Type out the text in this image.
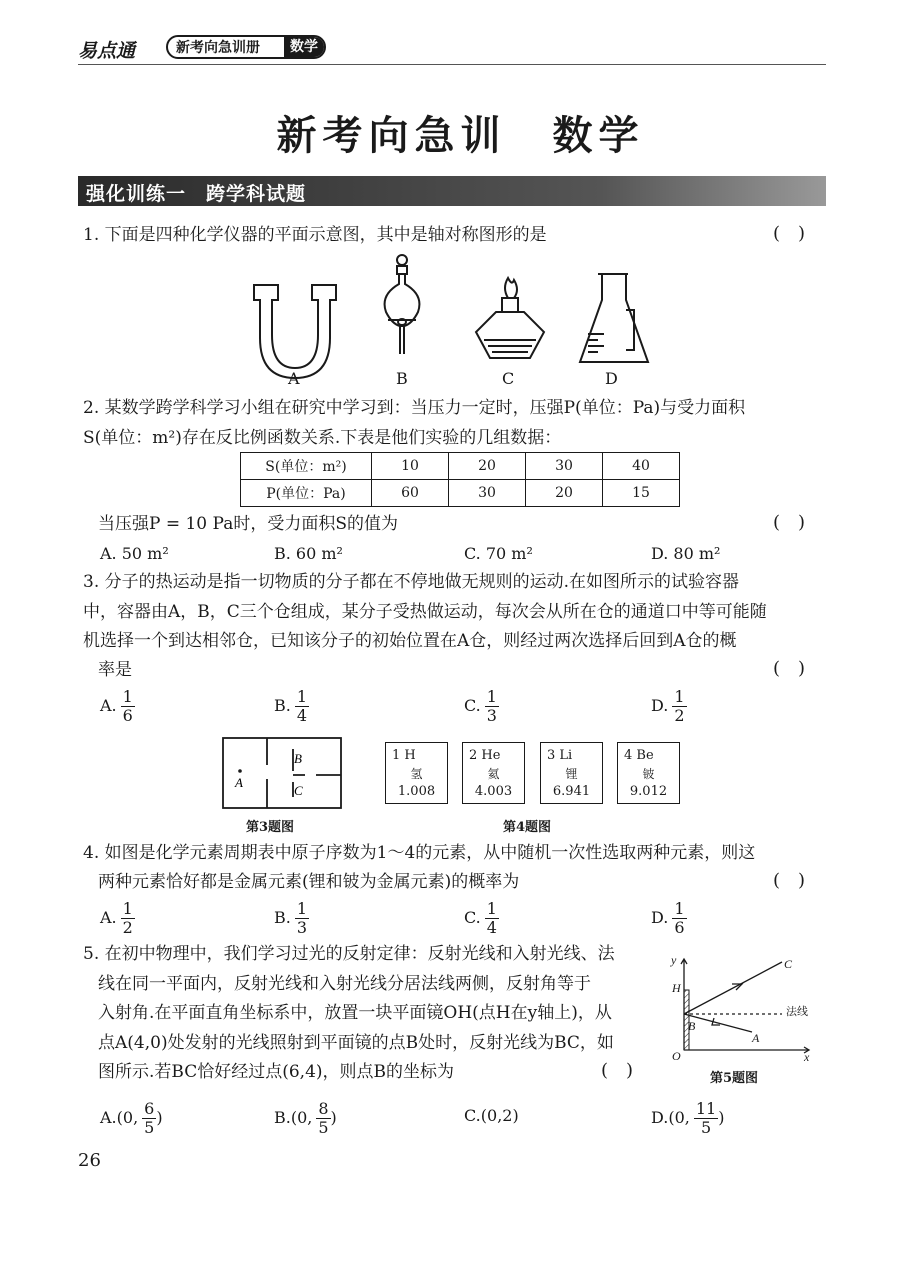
易点通	新考向急训册	数学
新考向急训　数学
强化训练一　跨学科试题
1. 下面是四种化学仪器的平面示意图，其中是轴对称图形的是	()
A	B	C	D
2. 某数学跨学科学习小组在研究中学习到：当压力一定时，压强P(单位：Pa)与受力面积
S(单位：m²)存在反比例函数关系.下表是他们实验的几组数据：
S(单位：m²)	10	20	30	40
P(单位：Pa)	60	30	20	15
当压强P = 10 Pa时，受力面积S的值为	()
A. 50 m²	B. 60 m²	C. 70 m²	D. 80 m²
3. 分子的热运动是指一切物质的分子都在不停地做无规则的运动.在如图所示的试验容器
中，容器由A，B，C三个仓组成，某分子受热做运动，每次会从所在仓的通道口中等可能随
机选择一个到达相邻仓，已知该分子的初始位置在A仓，则经过两次选择后回到A仓的概
率是	()
A. $\frac{1}{6}$	B. $\frac{1}{4}$	C. $\frac{1}{3}$	D. $\frac{1}{2}$
A
B
C
第3题图
1 H
氢
1.008
2 He
氦
4.003
3 Li
锂
6.941
4 Be
铍
9.012
第4题图
4. 如图是化学元素周期表中原子序数为1～4的元素，从中随机一次性选取两种元素，则这
两种元素恰好都是金属元素(锂和铍为金属元素)的概率为	()
A. $\frac{1}{2}$	B. $\frac{1}{3}$	C. $\frac{1}{4}$	D. $\frac{1}{6}$
5. 在初中物理中，我们学习过光的反射定律：反射光线和入射光线、法
线在同一平面内，反射光线和入射光线分居法线两侧，反射角等于
入射角.在平面直角坐标系中，放置一块平面镜OH(点H在y轴上)，从
点A(4,0)处发射的光线照射到平面镜的点B处时，反射光线为BC，如
图所示.若BC恰好经过点(6,4)，则点B的坐标为	()
y
x
O
H
B
A
C
法线
第5题图
A.(0, $\frac{6}{5}$ )	B.(0, $\frac{8}{5}$ )	C.(0,2)	D.(0, $\frac{11}{5}$ )
26
